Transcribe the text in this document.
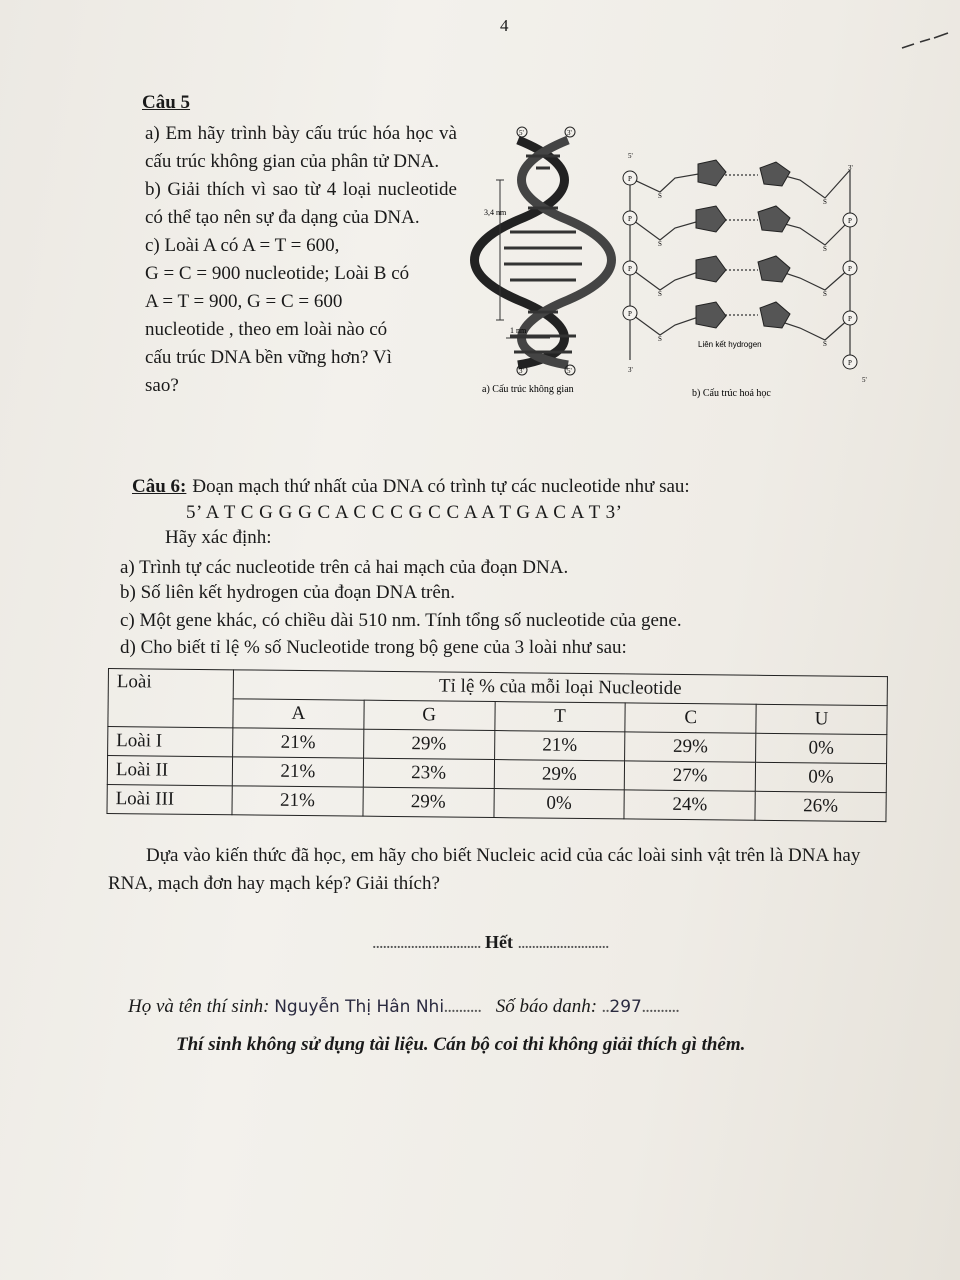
4
Câu 5

a) Em hãy trình bày cấu trúc hóa học và cấu trúc không gian của phân tử DNA.

b) Giải thích vì sao từ 4 loại nucleotide có thể tạo nên sự đa dạng của DNA.

c) Loài A có A = T = 600,

G = C = 900 nucleotide; Loài B có

A = T = 900, G = C = 600

nucleotide , theo em loài nào có

cấu trúc DNA bền vững hơn? Vì

sao?

3,4 nm
1 nm
5'	3'
3'	5'
a) Cấu trúc không gian
P
P
P
P
P
P
P
P
S
S
S
S
S
S
S
S
5'
3'
3'
5'
Liên kết hydrogen
b) Cấu trúc hoá học
Câu 6: Đoạn mạch thứ nhất của DNA có trình tự các nucleotide như sau:
5’ A T C G G G C A C C C G C C A A T G A C A T 3’
Hãy xác định:
a) Trình tự các nucleotide trên cả hai mạch của đoạn DNA.
b) Số liên kết hydrogen của đoạn DNA trên.
c) Một gene khác, có chiều dài 510 nm. Tính tổng số nucleotide của gene.
d) Cho biết tỉ lệ % số Nucleotide trong bộ gene của 3 loài như sau:
Loài	Tỉ lệ % của mỗi loại Nucleotide				
	A	G	T	C	U
Loài I	21%	29%	21%	29%	0%
Loài II	21%	23%	29%	27%	0%
Loài III	21%	29%	0%	24%	26%
Dựa vào kiến thức đã học, em hãy cho biết Nucleic acid của các loài sinh vật trên là DNA hay RNA, mạch đơn hay mạch kép? Giải thích?
............................... Hết ..........................
Họ và tên thí sinh: Nguyễn Thị Hân Nhi.......... Số báo danh: ..297..........
Thí sinh không sử dụng tài liệu. Cán bộ coi thi không giải thích gì thêm.
